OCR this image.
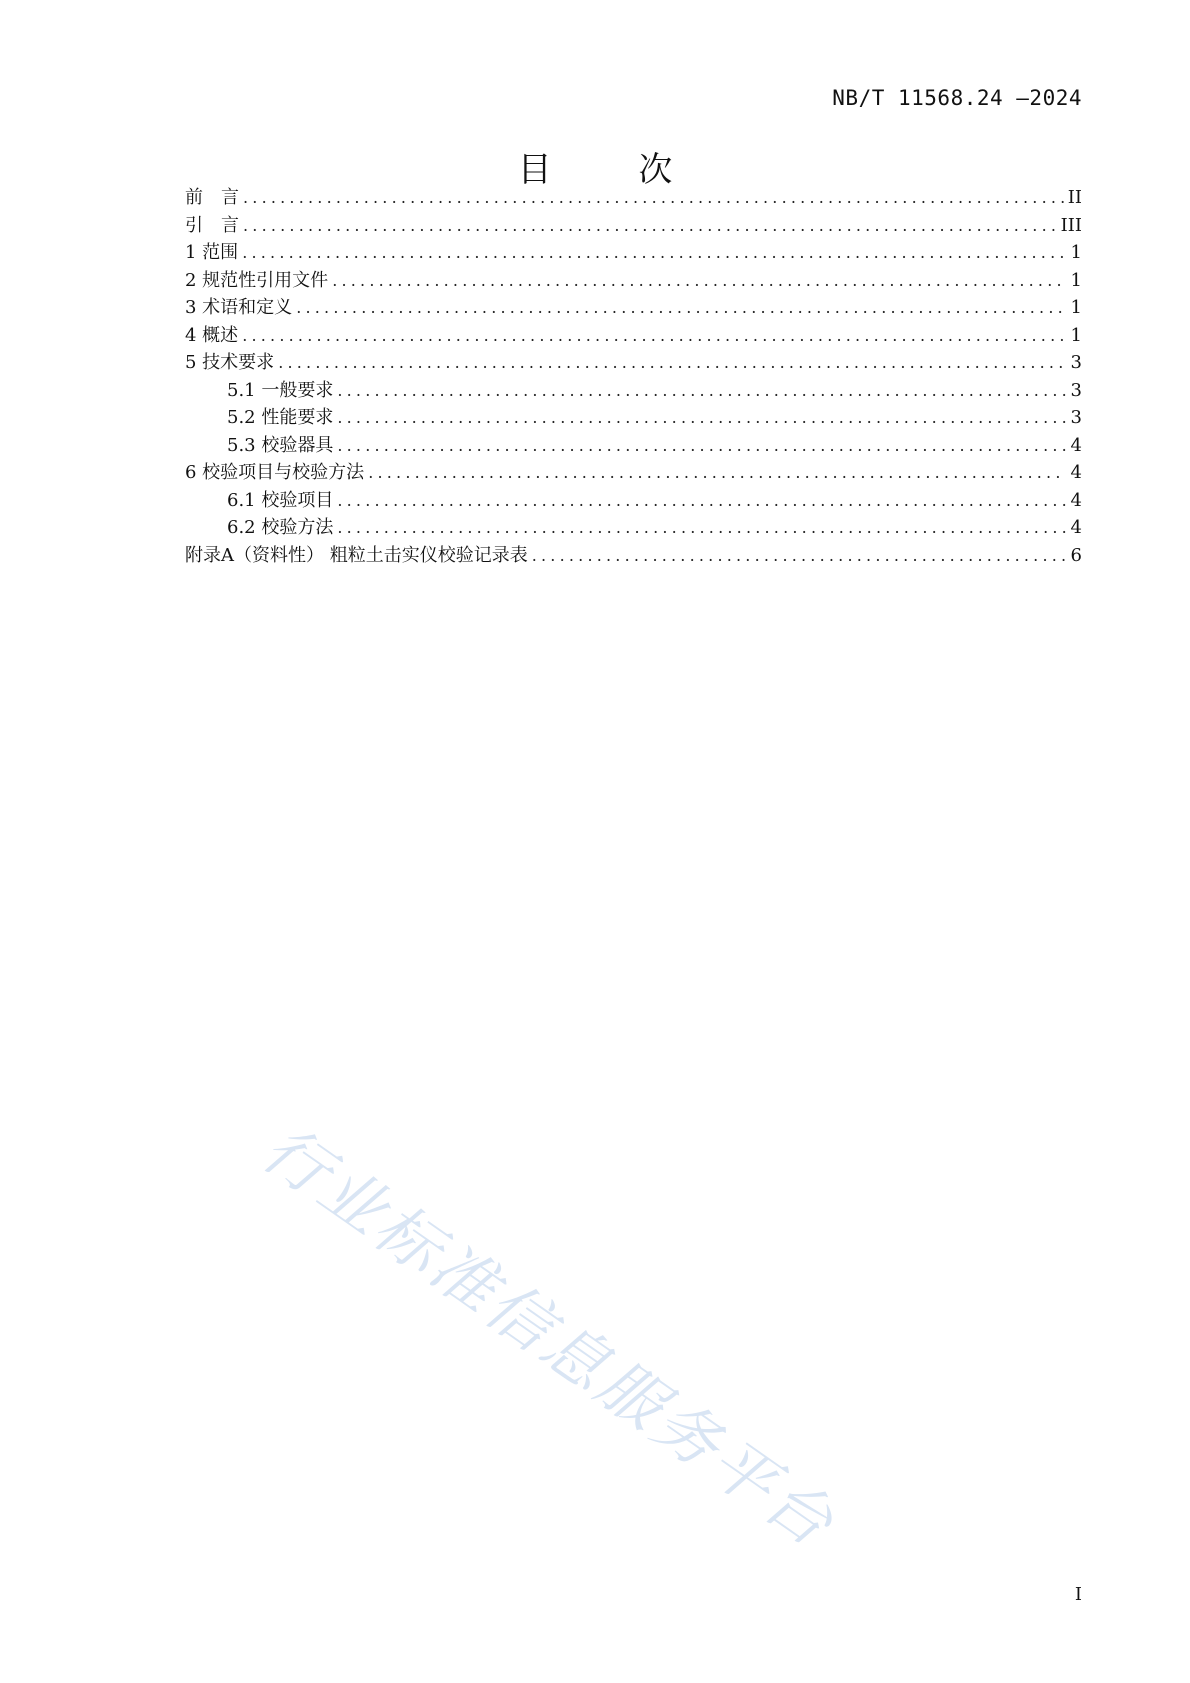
NB/T 11568.24 —2024
目 次
前　言 .....	II
引　言 .....	III
1 范围 .....	1
2 规范性引用文件 .....	1
3 术语和定义 .....	1
4 概述 .....	1
5 技术要求 .....	3
5.1 一般要求 .....	3
5.2 性能要求 .....	3
5.3 校验器具 .....	4
6 校验项目与校验方法 .....	4
6.1 校验项目 .....	4
6.2 校验方法 .....	4
附录A（资料性） 粗粒土击实仪校验记录表 .....	6
行业标准信息服务平台
I
